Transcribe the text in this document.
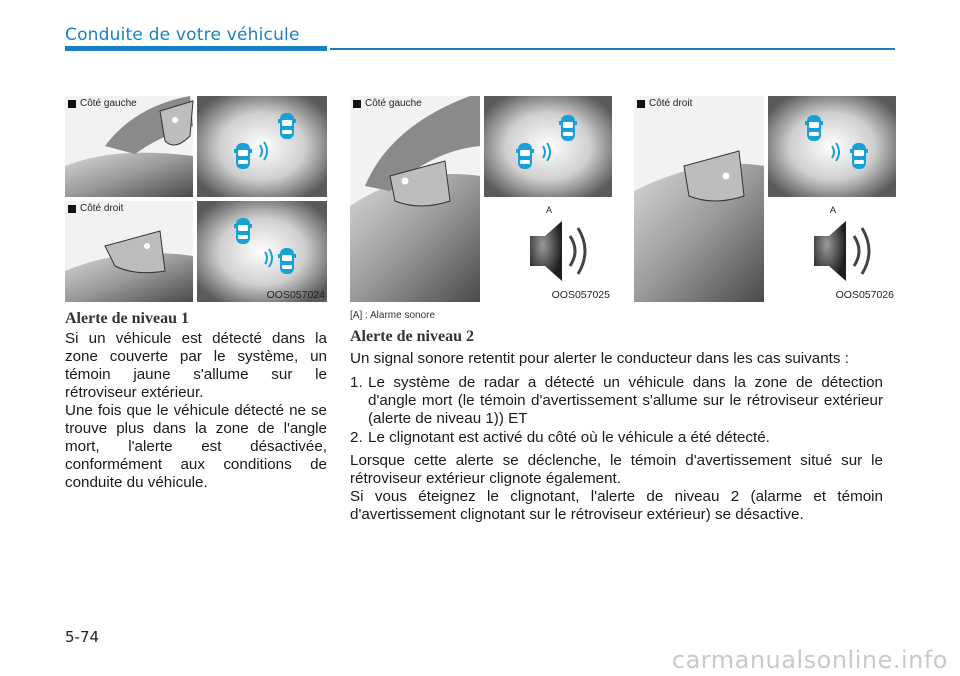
Conduite de votre véhicule
Côté gauche
Côté droit
OOS057024
Côté gauche
A
OOS057025
Côté droit
A
OOS057026
Alerte de niveau 1

Si un véhicule est détecté dans la zone couverte par le système, un témoin jaune s'allume sur le rétroviseur extérieur.

Une fois que le véhicule détecté ne se trouve plus dans la zone de l'angle mort, l'alerte est désactivée, conformément aux conditions de conduite du véhicule.

[A] : Alarme sonore
Alerte de niveau 2

Un signal sonore retentit pour alerter le conducteur dans les cas suivants :

1. Le système de radar a détecté un véhicule dans la zone de détection d'angle mort (le témoin d'avertissement s'allume sur le rétroviseur extérieur (alerte de niveau 1)) ET
2. Le clignotant est activé du côté où le véhicule a été détecté.

Lorsque cette alerte se déclenche, le témoin d'avertissement situé sur le rétroviseur extérieur clignote également.

Si vous éteignez le clignotant, l'alerte de niveau 2 (alarme et témoin d'avertissement clignotant sur le rétroviseur extérieur) se désactive.

5-74
carmanualsonline.info
